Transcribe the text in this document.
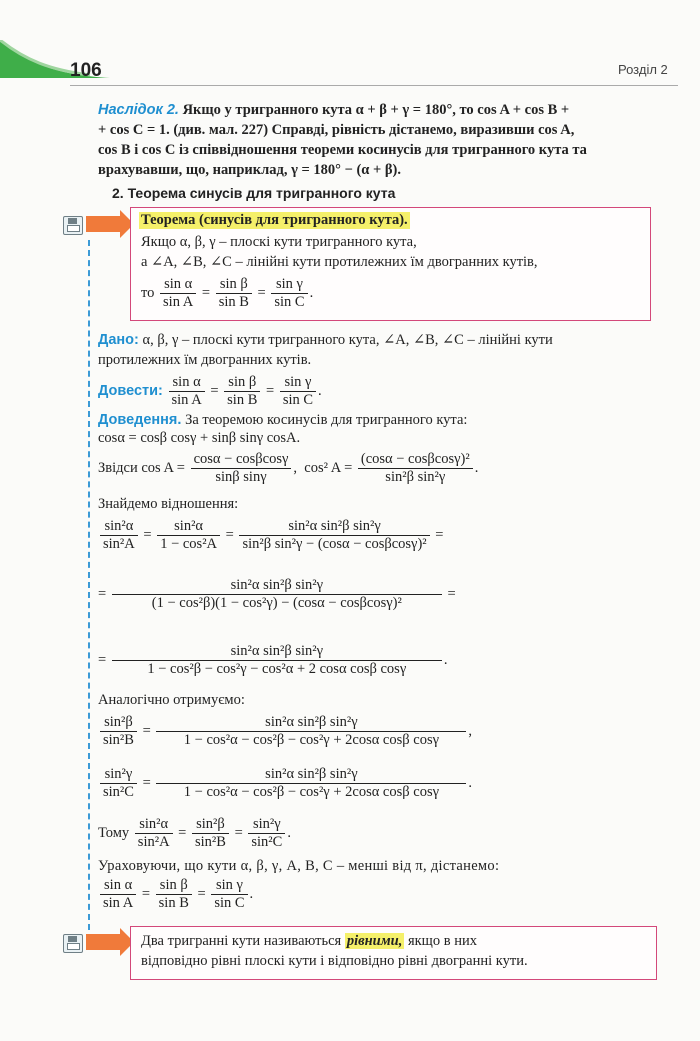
106	Розділ 2
Наслідок 2. Якщо у тригранного кута α + β + γ = 180°, то cos A + cos B +
+ cos C = 1. (див. мал. 227) Справді, рівність дістанемо, виразивши cos A,
cos B і cos C із співвідношення теореми косинусів для тригранного кута та
врахувавши, що, наприклад, γ = 180° − (α + β).
2. Теорема синусів для тригранного кута
Теорема (синусів для тригранного кута).
Якщо α, β, γ – плоскі кути тригранного кута,
а ∠A, ∠B, ∠C – лінійні кути протилежних їм двогранних кутів,
то $\frac{\text{sin α}}{\text{sin A}} = \frac{\text{sin β}}{\text{sin B}} = \frac{\text{sin γ}}{\text{sin C}}$ .
Дано: α, β, γ – плоскі кути тригранного кута, ∠A, ∠B, ∠C – лінійні кути
протилежних їм двогранних кутів.
Довести: $\frac{\text{sin α}}{\text{sin A}} = \frac{\text{sin β}}{\text{sin B}} = \frac{\text{sin γ}}{\text{sin C}}$ .
Доведення. За теоремою косинусів для тригранного кута:
cosα = cosβ cosγ + sinβ sinγ cosA.
Звідси $\cos A = \frac{\cos\alpha - \cos\beta\cos\gamma}{\text{sinβ sinγ}}$ ,  cos² $A = \frac{\text{(cosα − cosβcosγ)²}}{\text{sin²β sin²γ}}$ .
Знайдемо відношення:
$\frac{\text{sin²α}}{\text{sin²A}} = \frac{\text{sin²α}}{\text{1 − cos²A}} = \frac{\text{sin²α sin²β sin²γ}}{\text{sin²β sin²γ − (cosα − cosβcosγ)²}}$ =
= $\frac{\text{sin²α sin²β sin²γ}}{\text{(1 − cos²β)(1 − cos²γ) − (cosα − cosβcosγ)²}}$ =
= $\frac{\text{sin²α sin²β sin²γ}}{\text{1 − cos²β − cos²γ − cos²α + 2 cosα cosβ cosγ}}$ .
Аналогічно отримуємо:
$\frac{\text{sin²β}}{\text{sin²B}} = \frac{\text{sin²α sin²β sin²γ}}{\text{1 − cos²α − cos²β − cos²γ + 2cosα cosβ cosγ}}$ ,
$\frac{\text{sin²γ}}{\text{sin²C}} = \frac{\text{sin²α sin²β sin²γ}}{\text{1 − cos²α − cos²β − cos²γ + 2cosα cosβ cosγ}}$ .
Тому $\frac{\text{sin²α}}{\text{sin²A}} = \frac{\text{sin²β}}{\text{sin²B}} = \frac{\text{sin²γ}}{\text{sin²C}}$ .
Ураховуючи, що кути α, β, γ, A, B, C – менші від π, дістанемо:
$\frac{\text{sin α}}{\text{sin A}} = \frac{\text{sin β}}{\text{sin B}} = \frac{\text{sin γ}}{\text{sin C}}$ .
Два тригранні кути називаються рівними, якщо в них
відповідно рівні плоскі кути і відповідно рівні двогранні кути.
